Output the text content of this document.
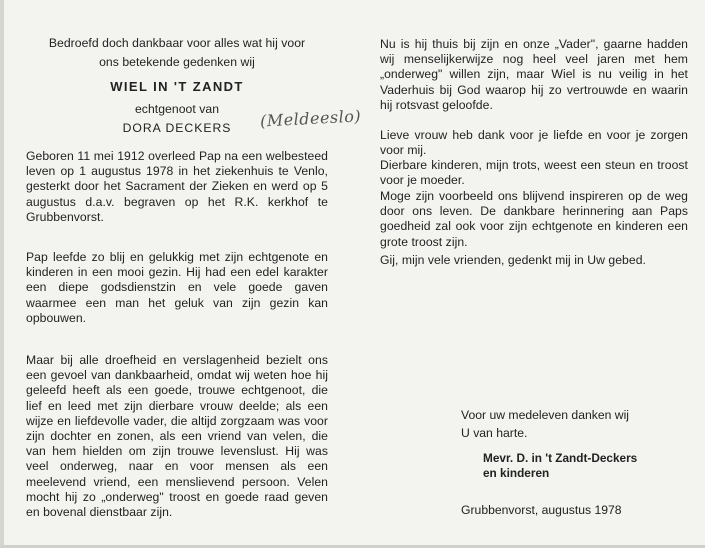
Bedroefd doch dankbaar voor alles wat hij voor

ons betekende gedenken wij

WIEL IN 'T ZANDT

echtgenoot van

DORA DECKERS	(Meldeeslo)

Geboren 11 mei 1912 overleed Pap na een welbesteed leven op 1 augustus 1978 in het ziekenhuis te Venlo, gesterkt door het Sacrament der Zieken en werd op 5 augustus d.a.v. begraven op het R.K. kerkhof te Grubbenvorst.

Pap leefde zo blij en gelukkig met zijn echtgenote en kinderen in een mooi gezin. Hij had een edel karakter een diepe godsdienstzin en vele goede gaven waarmee een man het geluk van zijn gezin kan opbouwen.

Maar bij alle droefheid en verslagenheid bezielt ons een gevoel van dankbaarheid, omdat wij weten hoe hij geleefd heeft als een goede, trouwe echtgenoot, die lief en leed met zijn dierbare vrouw deelde; als een wijze en liefdevolle vader, die altijd zorgzaam was voor zijn dochter en zonen, als een vriend van velen, die van hem hielden om zijn trouwe levenslust. Hij was veel onderweg, naar en voor mensen als een meelevend vriend, een menslievend persoon. Velen mocht hij zo „onderweg" troost en goede raad geven en bovenal dienstbaar zijn.

Nu is hij thuis bij zijn en onze „Vader", gaarne hadden wij menselijkerwijze nog heel veel jaren met hem „onderweg" willen zijn, maar Wiel is nu veilig in het Vaderhuis bij God waarop hij zo vertrouwde en waarin hij rotsvast geloofde.

Lieve vrouw heb dank voor je liefde en voor je zorgen voor mij.

Dierbare kinderen, mijn trots, weest een steun en troost voor je moeder.

Moge zijn voorbeeld ons blijvend inspireren op de weg door ons leven. De dankbare herinnering aan Paps goedheid zal ook voor zijn echtgenote en kinderen een grote troost zijn.

Gij, mijn vele vrienden, gedenkt mij in Uw gebed.

Voor uw medeleven danken wij
U van harte.
Mevr. D. in 't Zandt-Deckers
en kinderen
Grubbenvorst, augustus 1978
